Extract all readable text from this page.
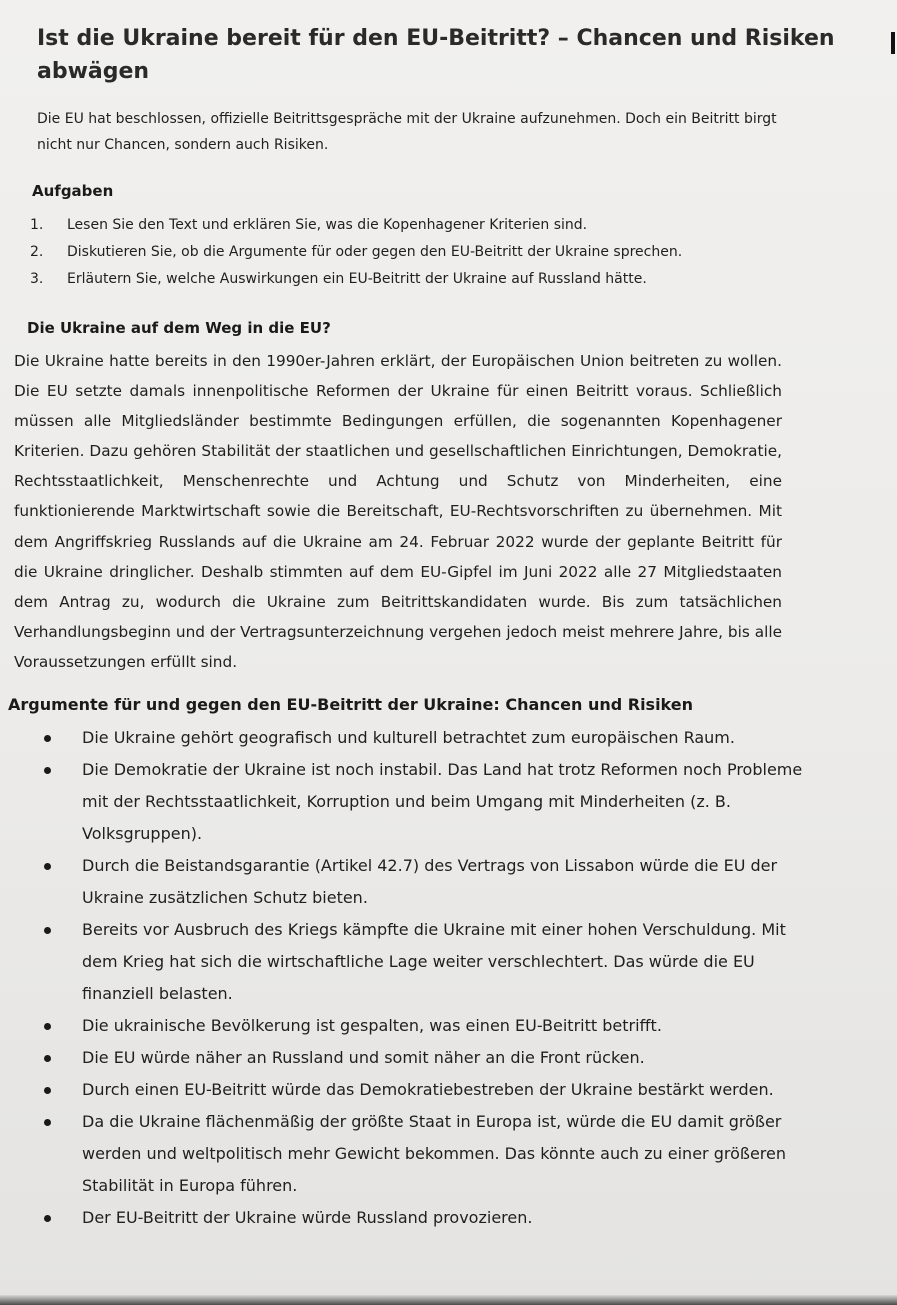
Ist die Ukraine bereit für den EU-Beitritt? – Chancen und Risiken abwägen

Die EU hat beschlossen, offizielle Beitrittsgespräche mit der Ukraine aufzunehmen. Doch ein Beitritt birgt nicht nur Chancen, sondern auch Risiken.

Aufgaben
1.	Lesen Sie den Text und erklären Sie, was die Kopenhagener Kriterien sind.
2.	Diskutieren Sie, ob die Argumente für oder gegen den EU-Beitritt der Ukraine sprechen.
3.	Erläutern Sie, welche Auswirkungen ein EU-Beitritt der Ukraine auf Russland hätte.
Die Ukraine auf dem Weg in die EU?

Die Ukraine hatte bereits in den 1990er-Jahren erklärt, der Europäischen Union beitreten zu wollen. Die EU setzte damals innenpolitische Reformen der Ukraine für einen Beitritt voraus. Schließlich müssen alle Mitgliedsländer bestimmte Bedingungen erfüllen, die sogenannten Kopenhagener Kriterien. Dazu gehören Stabilität der staatlichen und gesellschaftlichen Einrichtungen, Demokratie, Rechtsstaatlichkeit, Menschenrechte und Achtung und Schutz von Minderheiten, eine funktionierende Marktwirtschaft sowie die Bereitschaft, EU-Rechtsvorschriften zu übernehmen. Mit dem Angriffskrieg Russlands auf die Ukraine am 24. Februar 2022 wurde der geplante Beitritt für die Ukraine dringlicher. Deshalb stimmten auf dem EU-Gipfel im Juni 2022 alle 27 Mitgliedstaaten dem Antrag zu, wodurch die Ukraine zum Beitrittskandidaten wurde. Bis zum tatsächlichen Verhandlungsbeginn und der Vertragsunterzeichnung vergehen jedoch meist mehrere Jahre, bis alle Voraussetzungen erfüllt sind.

Argumente für und gegen den EU-Beitritt der Ukraine: Chancen und Risiken
Die Ukraine gehört geografisch und kulturell betrachtet zum europäischen Raum.
Die Demokratie der Ukraine ist noch instabil. Das Land hat trotz Reformen noch Probleme mit der Rechtsstaatlichkeit, Korruption und beim Umgang mit Minderheiten (z. B. Volksgruppen).
Durch die Beistandsgarantie (Artikel 42.7) des Vertrags von Lissabon würde die EU der Ukraine zusätzlichen Schutz bieten.
Bereits vor Ausbruch des Kriegs kämpfte die Ukraine mit einer hohen Verschuldung. Mit dem Krieg hat sich die wirtschaftliche Lage weiter verschlechtert. Das würde die EU finanziell belasten.
Die ukrainische Bevölkerung ist gespalten, was einen EU-Beitritt betrifft.
Die EU würde näher an Russland und somit näher an die Front rücken.
Durch einen EU-Beitritt würde das Demokratiebestreben der Ukraine bestärkt werden.
Da die Ukraine flächenmäßig der größte Staat in Europa ist, würde die EU damit größer werden und weltpolitisch mehr Gewicht bekommen. Das könnte auch zu einer größeren Stabilität in Europa führen.
Der EU-Beitritt der Ukraine würde Russland provozieren.
